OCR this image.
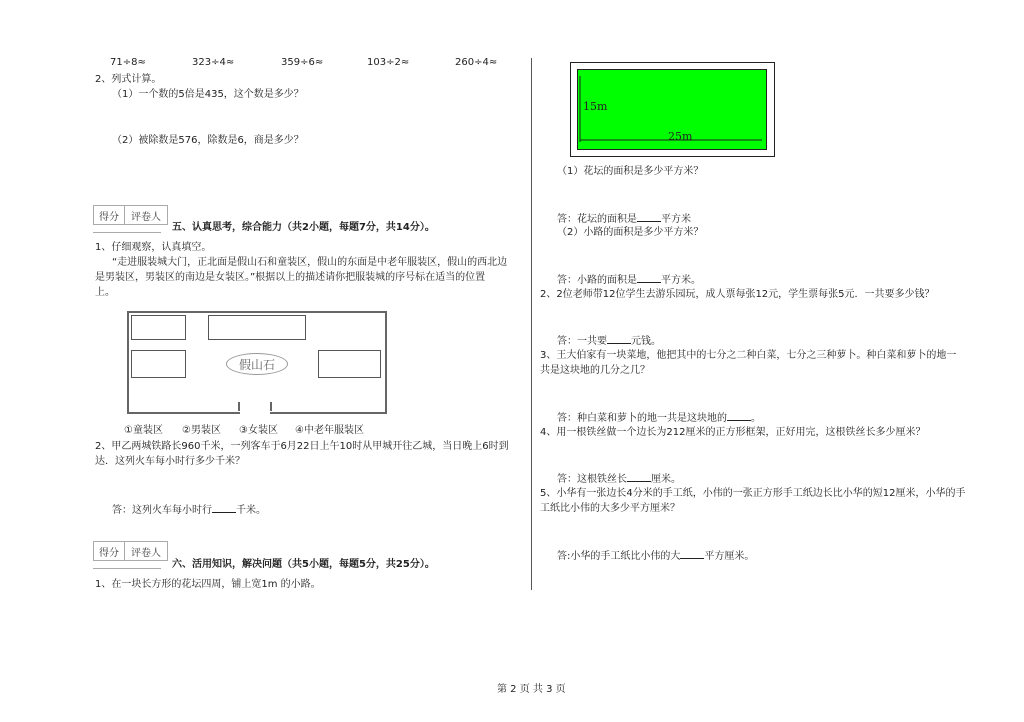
71÷8≈	323÷4≈	359÷6≈	103÷2≈	260÷4≈
2、列式计算。
（1）一个数的5倍是435，这个数是多少？
（2）被除数是576，除数是6，商是多少？
得分	评卷人
五、认真思考，综合能力（共2小题，每题7分，共14分）。
1、仔细观察，认真填空。
“走进服装城大门，正北面是假山石和童装区，假山的东面是中老年服装区，假山的西北边
是男装区，男装区的南边是女装区。”根据以上的描述请你把服装城的序号标在适当的位置
上。
假山石
①童装区 ②男装区 ③女装区 ④中老年服装区
2、甲乙两城铁路长960千米，一列客车于6月22日上午10时从甲城开往乙城，当日晚上6时到
达．这列火车每小时行多少千米？
答：这列火车每小时行 千米。
得分	评卷人
六、活用知识，解决问题（共5小题，每题5分，共25分）。
1、在一块长方形的花坛四周，铺上宽1m 的小路。
15m
25m
（1）花坛的面积是多少平方米？
答：花坛的面积是 平方米
（2）小路的面积是多少平方米？
答：小路的面积是 平方米。
2、2位老师带12位学生去游乐园玩，成人票每张12元，学生票每张5元．一共要多少钱？
答：一共要 元钱。
3、王大伯家有一块菜地，他把其中的七分之二种白菜，七分之三种萝卜。种白菜和萝卜的地一
共是这块地的几分之几？
答：种白菜和萝卜的地一共是这块地的 。
4、用一根铁丝做一个边长为212厘米的正方形框架，正好用完，这根铁丝长多少厘米？
答：这根铁丝长 厘米。
5、小华有一张边长4分米的手工纸，小伟的一张正方形手工纸边长比小华的短12厘米，小华的手
工纸比小伟的大多少平方厘米？
答:小华的手工纸比小伟的大 平方厘米。
第 2 页 共 3 页
